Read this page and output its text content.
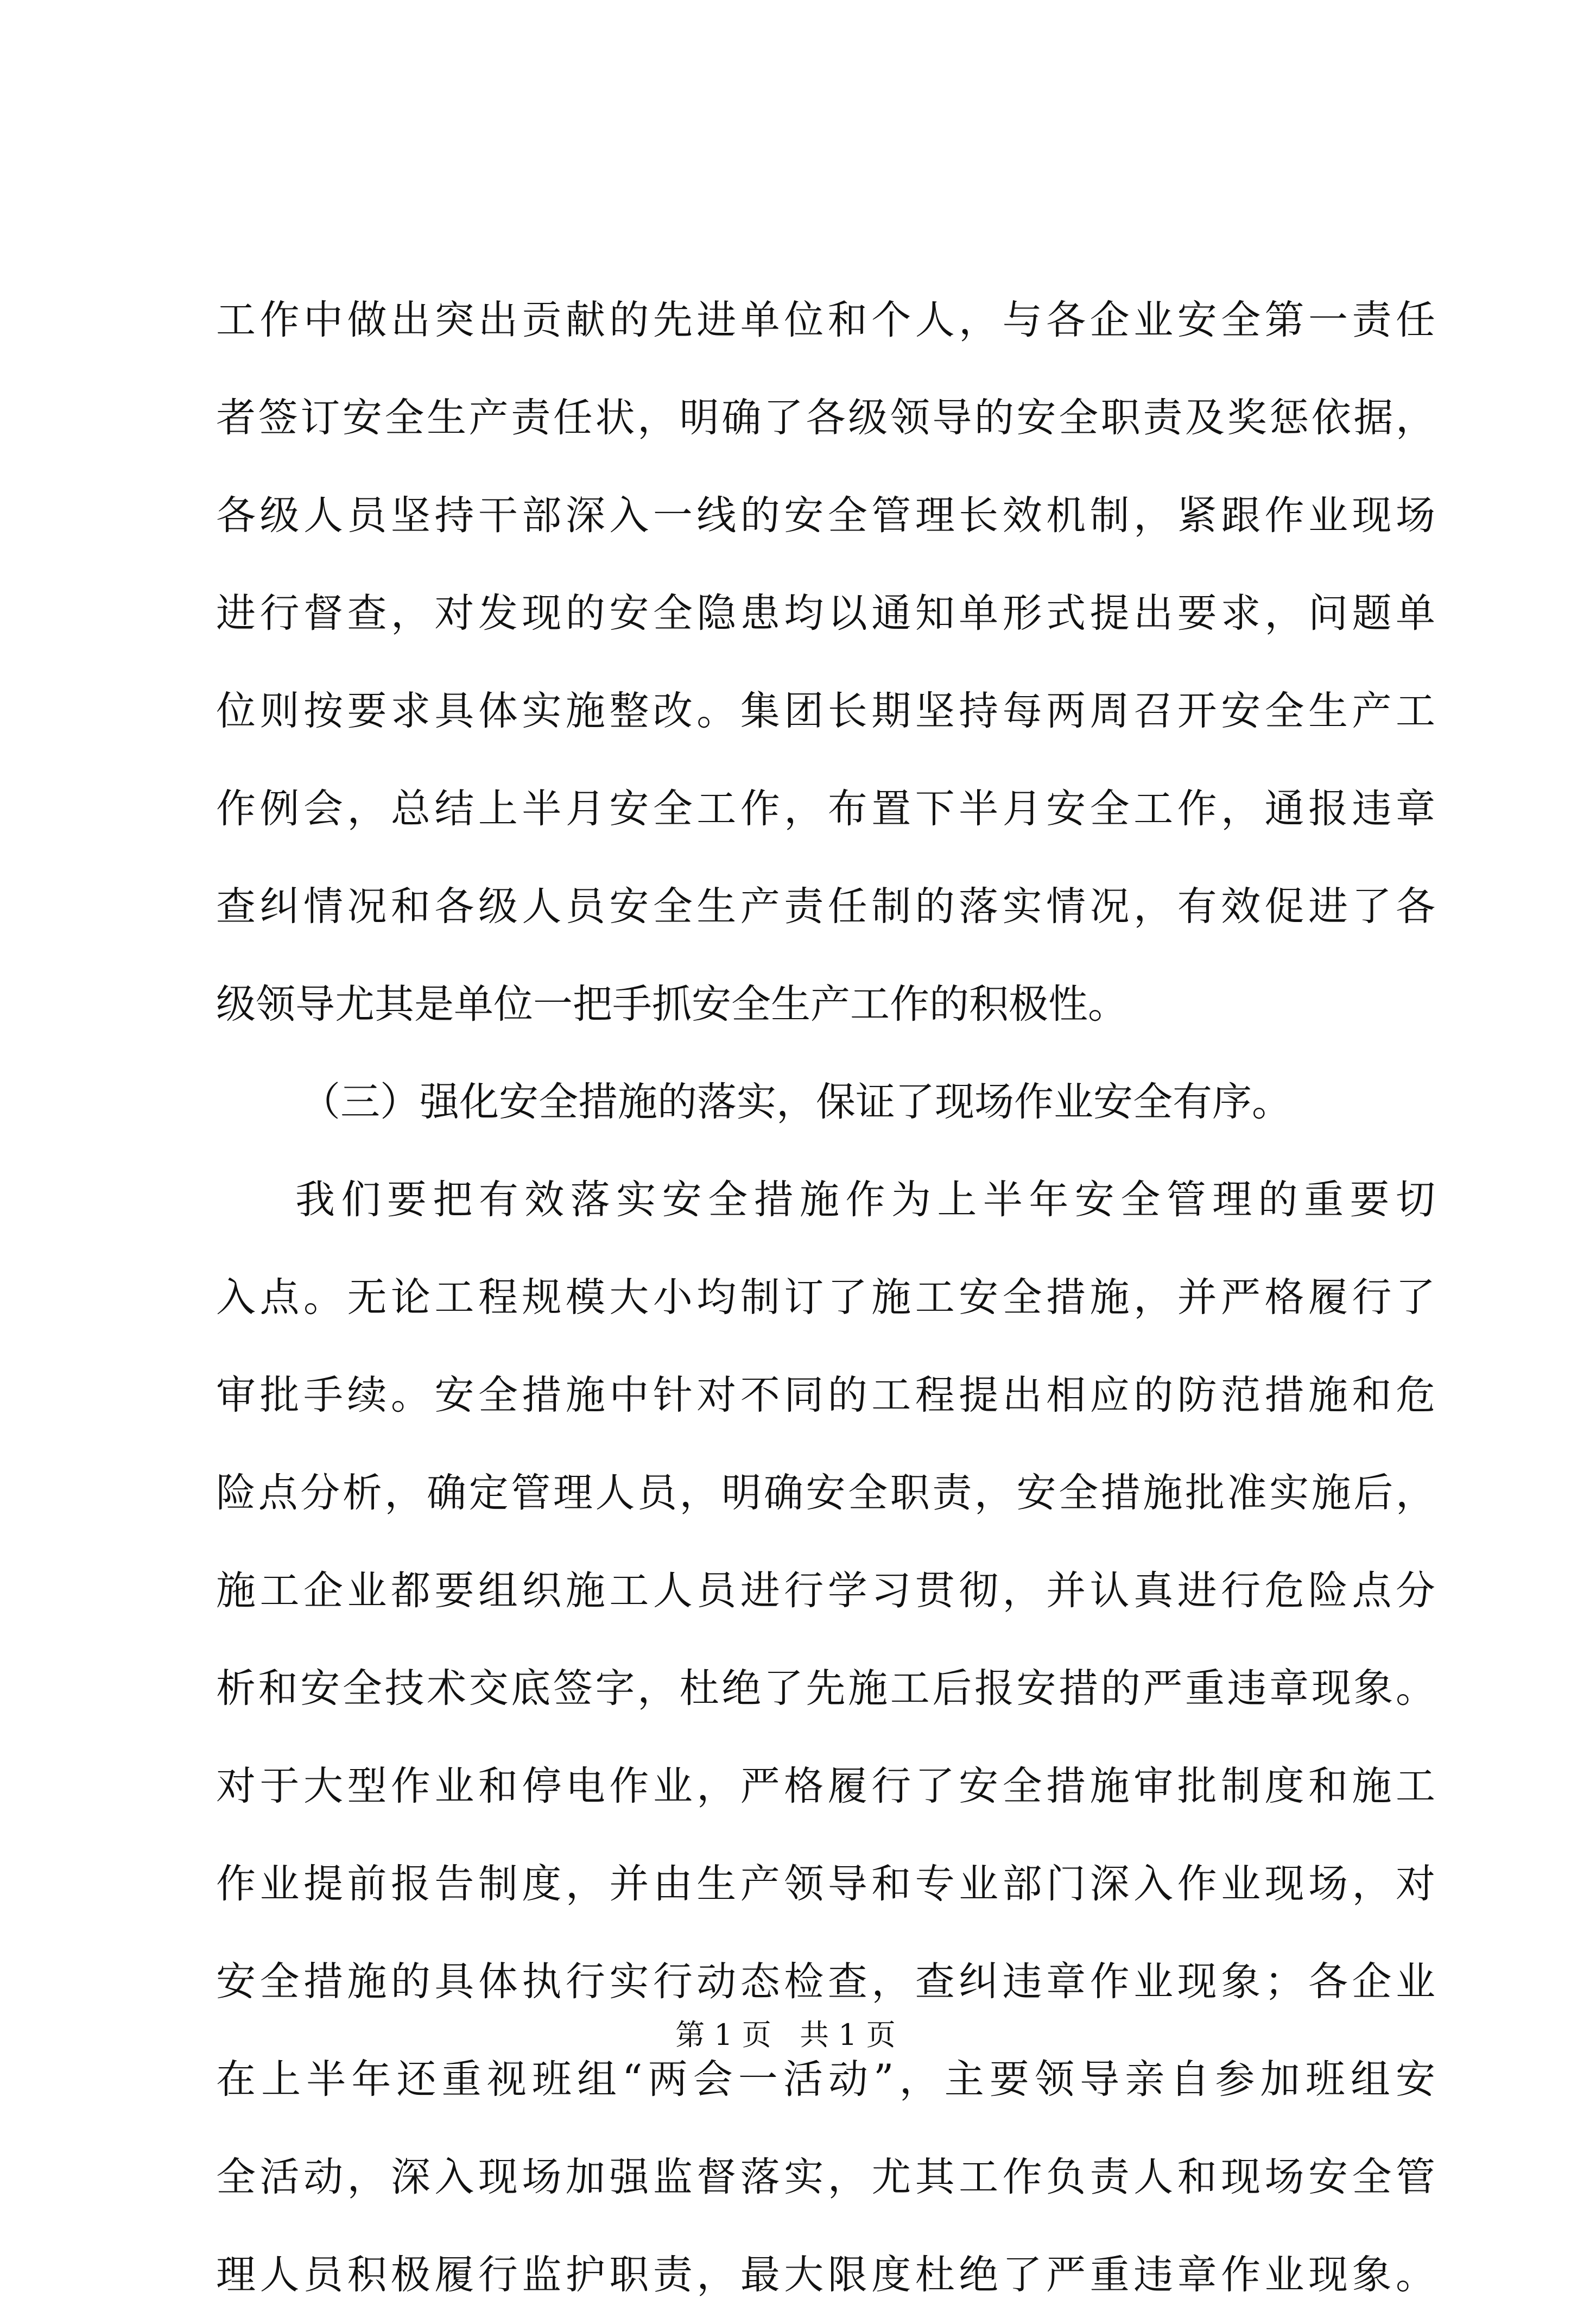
工作中做出突出贡献的先进单位和个人，与各企业安全第一责任
者签订安全生产责任状，明确了各级领导的安全职责及奖惩依据，
各级人员坚持干部深入一线的安全管理长效机制，紧跟作业现场
进行督查，对发现的安全隐患均以通知单形式提出要求，问题单
位则按要求具体实施整改。集团长期坚持每两周召开安全生产工
作例会，总结上半月安全工作，布置下半月安全工作，通报违章
查纠情况和各级人员安全生产责任制的落实情况，有效促进了各
级领导尤其是单位一把手抓安全生产工作的积极性。
（三）强化安全措施的落实，保证了现场作业安全有序。
我们要把有效落实安全措施作为上半年安全管理的重要切
入点。无论工程规模大小均制订了施工安全措施，并严格履行了
审批手续。安全措施中针对不同的工程提出相应的防范措施和危
险点分析，确定管理人员，明确安全职责，安全措施批准实施后，
施工企业都要组织施工人员进行学习贯彻，并认真进行危险点分
析和安全技术交底签字，杜绝了先施工后报安措的严重违章现象。
对于大型作业和停电作业，严格履行了安全措施审批制度和施工
作业提前报告制度，并由生产领导和专业部门深入作业现场，对
安全措施的具体执行实行动态检查，查纠违章作业现象；各企业
在上半年还重视班组“两会一活动”，主要领导亲自参加班组安
全活动，深入现场加强监督落实，尤其工作负责人和现场安全管
理人员积极履行监护职责，最大限度杜绝了严重违章作业现象。
第 1 页 共 1 页
